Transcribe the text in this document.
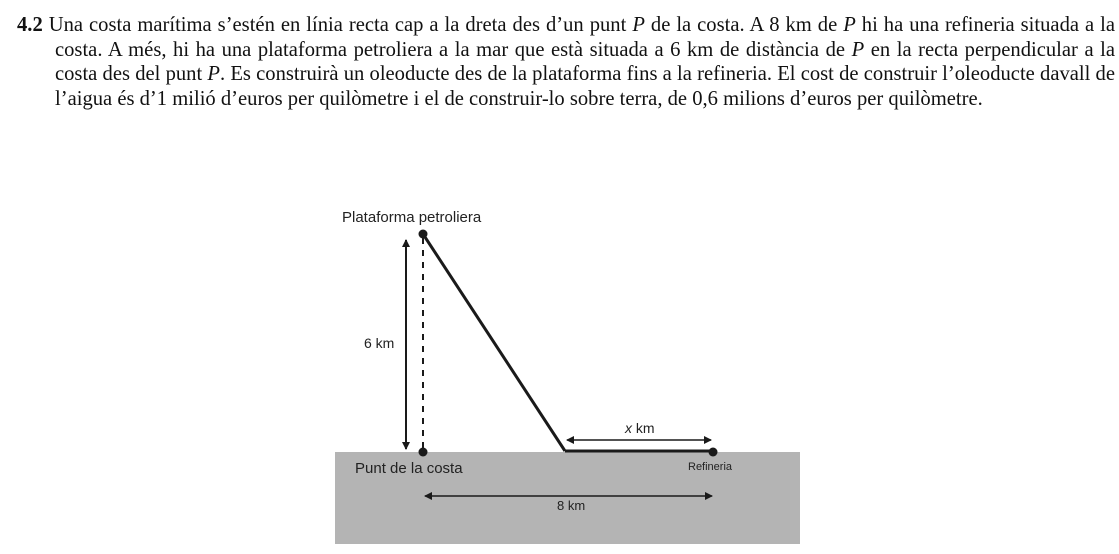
4.2 Una costa marítima s’estén en línia recta cap a la dreta des d’un punt P de la costa. A 8 km de P hi ha una refineria situada a la costa. A més, hi ha una plataforma petroliera a la mar que està situada a 6 km de distància de P en la recta perpendicular a la costa des del punt P. Es construirà un oleoducte des de la plataforma fins a la refineria. El cost de construir l’oleoducte davall de l’aigua és d’1 milió d’euros per quilòmetre i el de construir-lo sobre terra, de 0,6 milions d’euros per quilòmetre.
Plataforma petroliera
6 km
x km
Punt de la costa	Refineria
8 km
